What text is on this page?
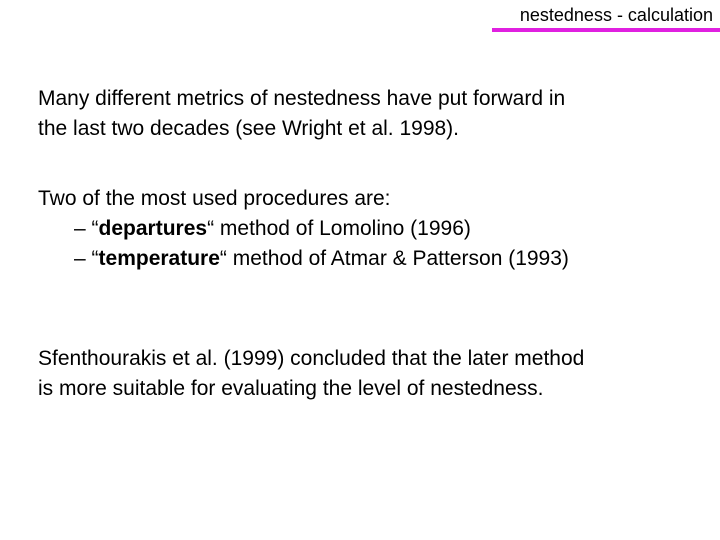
nestedness - calculation

Many different metrics of nestedness have put forward in

the last two decades (see Wright et al. 1998).

Two of the most used procedures are:

– “departures“ method of Lomolino (1996)

– “temperature“ method of Atmar & Patterson (1993)

Sfenthourakis et al. (1999) concluded that the later method

is more suitable for evaluating the level of nestedness.
